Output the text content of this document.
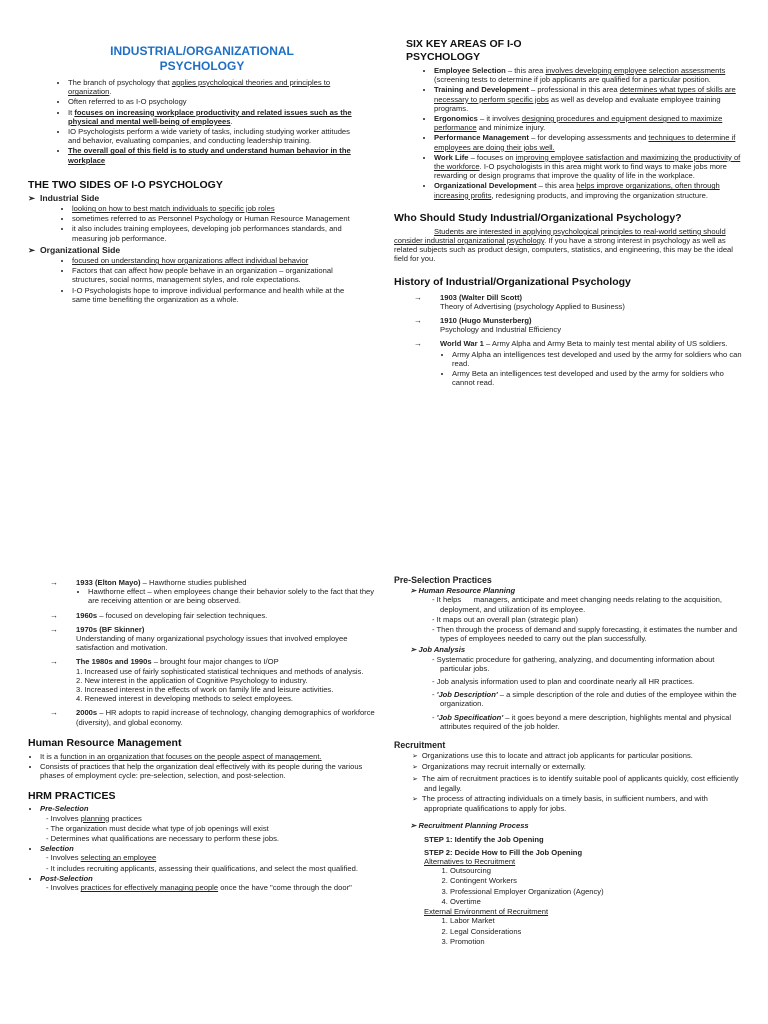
INDUSTRIAL/ORGANIZATIONAL PSYCHOLOGY
• The branch of psychology that applies psychological theories and principles to organization.
• Often referred to as I-O psychology
• It focuses on increasing workplace productivity and related issues such as the physical and mental well-being of employees.
• IO Psychologists perform a wide variety of tasks, including studying worker attitudes and behavior, evaluating companies, and conducting leadership training.
• The overall goal of this field is to study and understand human behavior in the workplace
THE TWO SIDES OF I-O PSYCHOLOGY
➢ Industrial Side
• looking on how to best match individuals to specific job roles
• sometimes referred to as Personnel Psychology or Human Resource Management
• it also includes training employees, developing job performances standards, and measuring job performance.
➢ Organizational Side
• focused on understanding how organizations affect individual behavior
• Factors that can affect how people behave in an organization – organizational structures, social norms, management styles, and role expectations.
• I-O Psychologists hope to improve individual performance and health while at the same time benefiting the organization as a whole.
SIX KEY AREAS OF I-O PSYCHOLOGY
• Employee Selection – this area involves developing employee selection assessments (screening tests to determine if job applicants are qualified for a particular position.
• Training and Development – professional in this area determines what types of skills are necessary to perform specific jobs as well as develop and evaluate employee training programs.
• Ergonomics – it involves designing procedures and equipment designed to maximize performance and minimize injury.
• Performance Management – for developing assessments and techniques to determine if employees are doing their jobs well.
• Work Life – focuses on improving employee satisfaction and maximizing the productivity of the workforce. I-O psychologists in this area might work to find ways to make jobs more rewarding or design programs that improve the quality of life in the workplace.
• Organizational Development – this area helps improve organizations, often through increasing profits, redesigning products, and improving the organization structure.
Who Should Study Industrial/Organizational Psychology?

Students are interested in applying psychological principles to real-world setting should consider industrial organizational psychology. If you have a strong interest in psychology as well as related subjects such as product design, computers, statistics, and engineering, this may be the ideal field for you.

History of Industrial/Organizational Psychology
→ 1903 (Walter Dill Scott)
Theory of Advertising (psychology Applied to Business)
→ 1910 (Hugo Munsterberg)
Psychology and Industrial Efficiency
→ World War 1 – Army Alpha and Army Beta to mainly test mental ability of US soldiers.
• Army Alpha an intelligences test developed and used by the army for soldiers who can read.
• Army Beta an intelligences test developed and used by the army for soldiers who cannot read.
→ 1933 (Elton Mayo) – Hawthorne studies published
• Hawthorne effect – when employees change their behavior solely to the fact that they are receiving attention or are being observed.
→ 1960s – focused on developing fair selection techniques.
→ 1970s (BF Skinner)
Understanding of many organizational psychology issues that involved employee satisfaction and motivation.
→ The 1980s and 1990s – brought four major changes to I/OP
1. Increased use of fairly sophisticated statistical techniques and methods of analysis.
2. New interest in the application of Cognitive Psychology to industry.
3. Increased interest in the effects of work on family life and leisure activities.
4. Renewed interest in developing methods to select employees.
→ 2000s – HR adopts to rapid increase of technology, changing demographics of workforce (diversity), and global economy.
Human Resource Management
• It is a function in an organization that focuses on the people aspect of management.
• Consists of practices that help the organization deal effectively with its people during the various phases of employment cycle: pre-selection, selection, and post-selection.
HRM PRACTICES
• Pre-Selection
- Involves planning practices
- The organization must decide what type of job openings will exist
- Determines what qualifications are necessary to perform these jobs.
• Selection
- Involves selecting an employee
- It includes recruiting applicants, assessing their qualifications, and select the most qualified.
• Post-Selection
- Involves practices for effectively managing people once the have "come through the door"
Pre-Selection Practices
➢ Human Resource Planning
- It helps      managers, anticipate and meet changing needs relating to the acquisition, deployment, and utilization of its employee.
- It maps out an overall plan (strategic plan)
- Then through the process of demand and supply forecasting, it estimates the number and types of employees needed to carry out the plan successfully.
➢ Job Analysis
- Systematic procedure for gathering, analyzing, and documenting information about particular jobs.
- Job analysis information used to plan and coordinate nearly all HR practices.
- 'Job Description' – a simple description of the role and duties of the employee within the organization.
- 'Job Specification' – it goes beyond a mere description, highlights mental and physical attributes required of the job holder.
Recruitment
➢ Organizations use this to locate and attract job applicants for particular positions.
➢ Organizations may recruit internally or externally.
➢ The aim of recruitment practices is to identify suitable pool of applicants quickly, cost efficiently and legally.
➢ The process of attracting individuals on a timely basis, in sufficient numbers, and with appropriate qualifications to apply for jobs.
➢ Recruitment Planning Process
STEP 1: Identify the Job Opening
STEP 2: Decide How to Fill the Job Opening
Alternatives to Recruitment
1. Outsourcing
2. Contingent Workers
3. Professional Employer Organization (Agency)
4. Overtime
External Environment of Recruitment
1. Labor Market
2. Legal Considerations
3. Promotion
